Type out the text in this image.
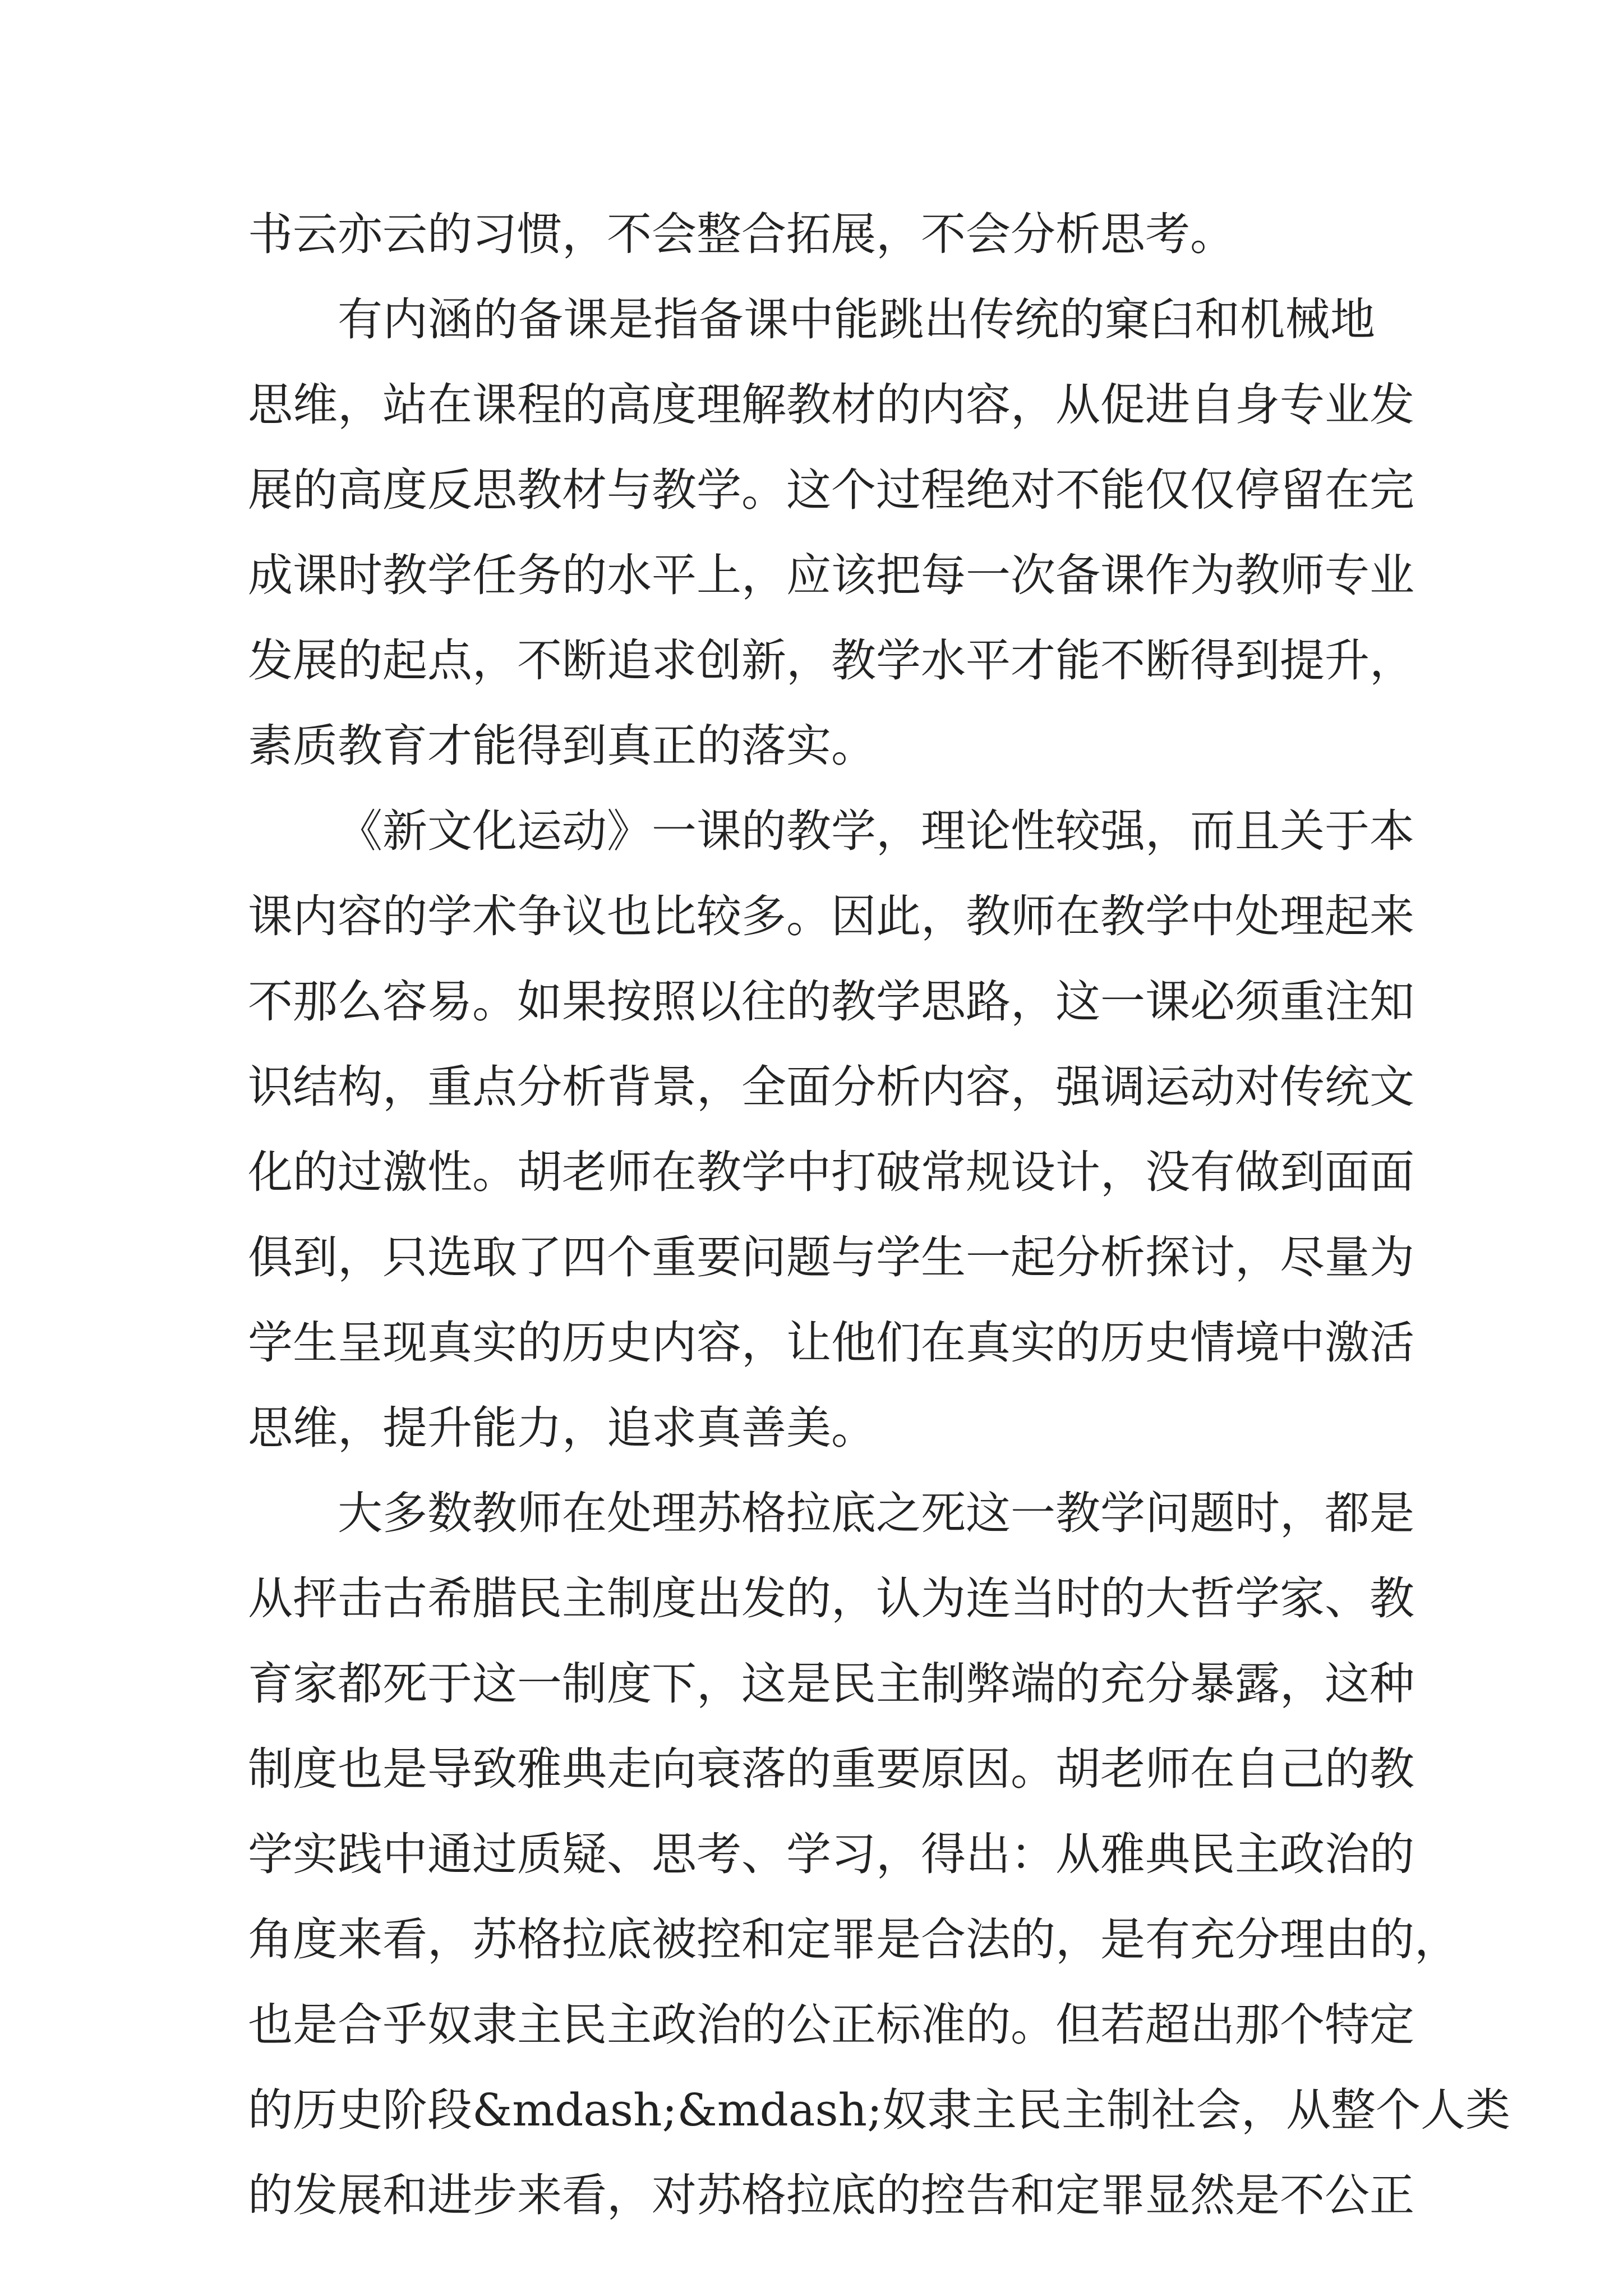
书云亦云的习惯，不会整合拓展，不会分析思考。
有内涵的备课是指备课中能跳出传统的窠臼和机械地
思维，站在课程的高度理解教材的内容，从促进自身专业发
展的高度反思教材与教学。这个过程绝对不能仅仅停留在完
成课时教学任务的水平上，应该把每一次备课作为教师专业
发展的起点，不断追求创新，教学水平才能不断得到提升，
素质教育才能得到真正的落实。
《新文化运动》一课的教学，理论性较强，而且关于本
课内容的学术争议也比较多。因此，教师在教学中处理起来
不那么容易。如果按照以往的教学思路，这一课必须重注知
识结构，重点分析背景，全面分析内容，强调运动对传统文
化的过激性。胡老师在教学中打破常规设计，没有做到面面
俱到，只选取了四个重要问题与学生一起分析探讨，尽量为
学生呈现真实的历史内容，让他们在真实的历史情境中激活
思维，提升能力，追求真善美。
大多数教师在处理苏格拉底之死这一教学问题时，都是
从抨击古希腊民主制度出发的，认为连当时的大哲学家、教
育家都死于这一制度下，这是民主制弊端的充分暴露，这种
制度也是导致雅典走向衰落的重要原因。胡老师在自己的教
学实践中通过质疑、思考、学习，得出：从雅典民主政治的
角度来看，苏格拉底被控和定罪是合法的，是有充分理由的，
也是合乎奴隶主民主政治的公正标准的。但若超出那个特定
的历史阶段&mdash;&mdash;奴隶主民主制社会，从整个人类
的发展和进步来看，对苏格拉底的控告和定罪显然是不公正
